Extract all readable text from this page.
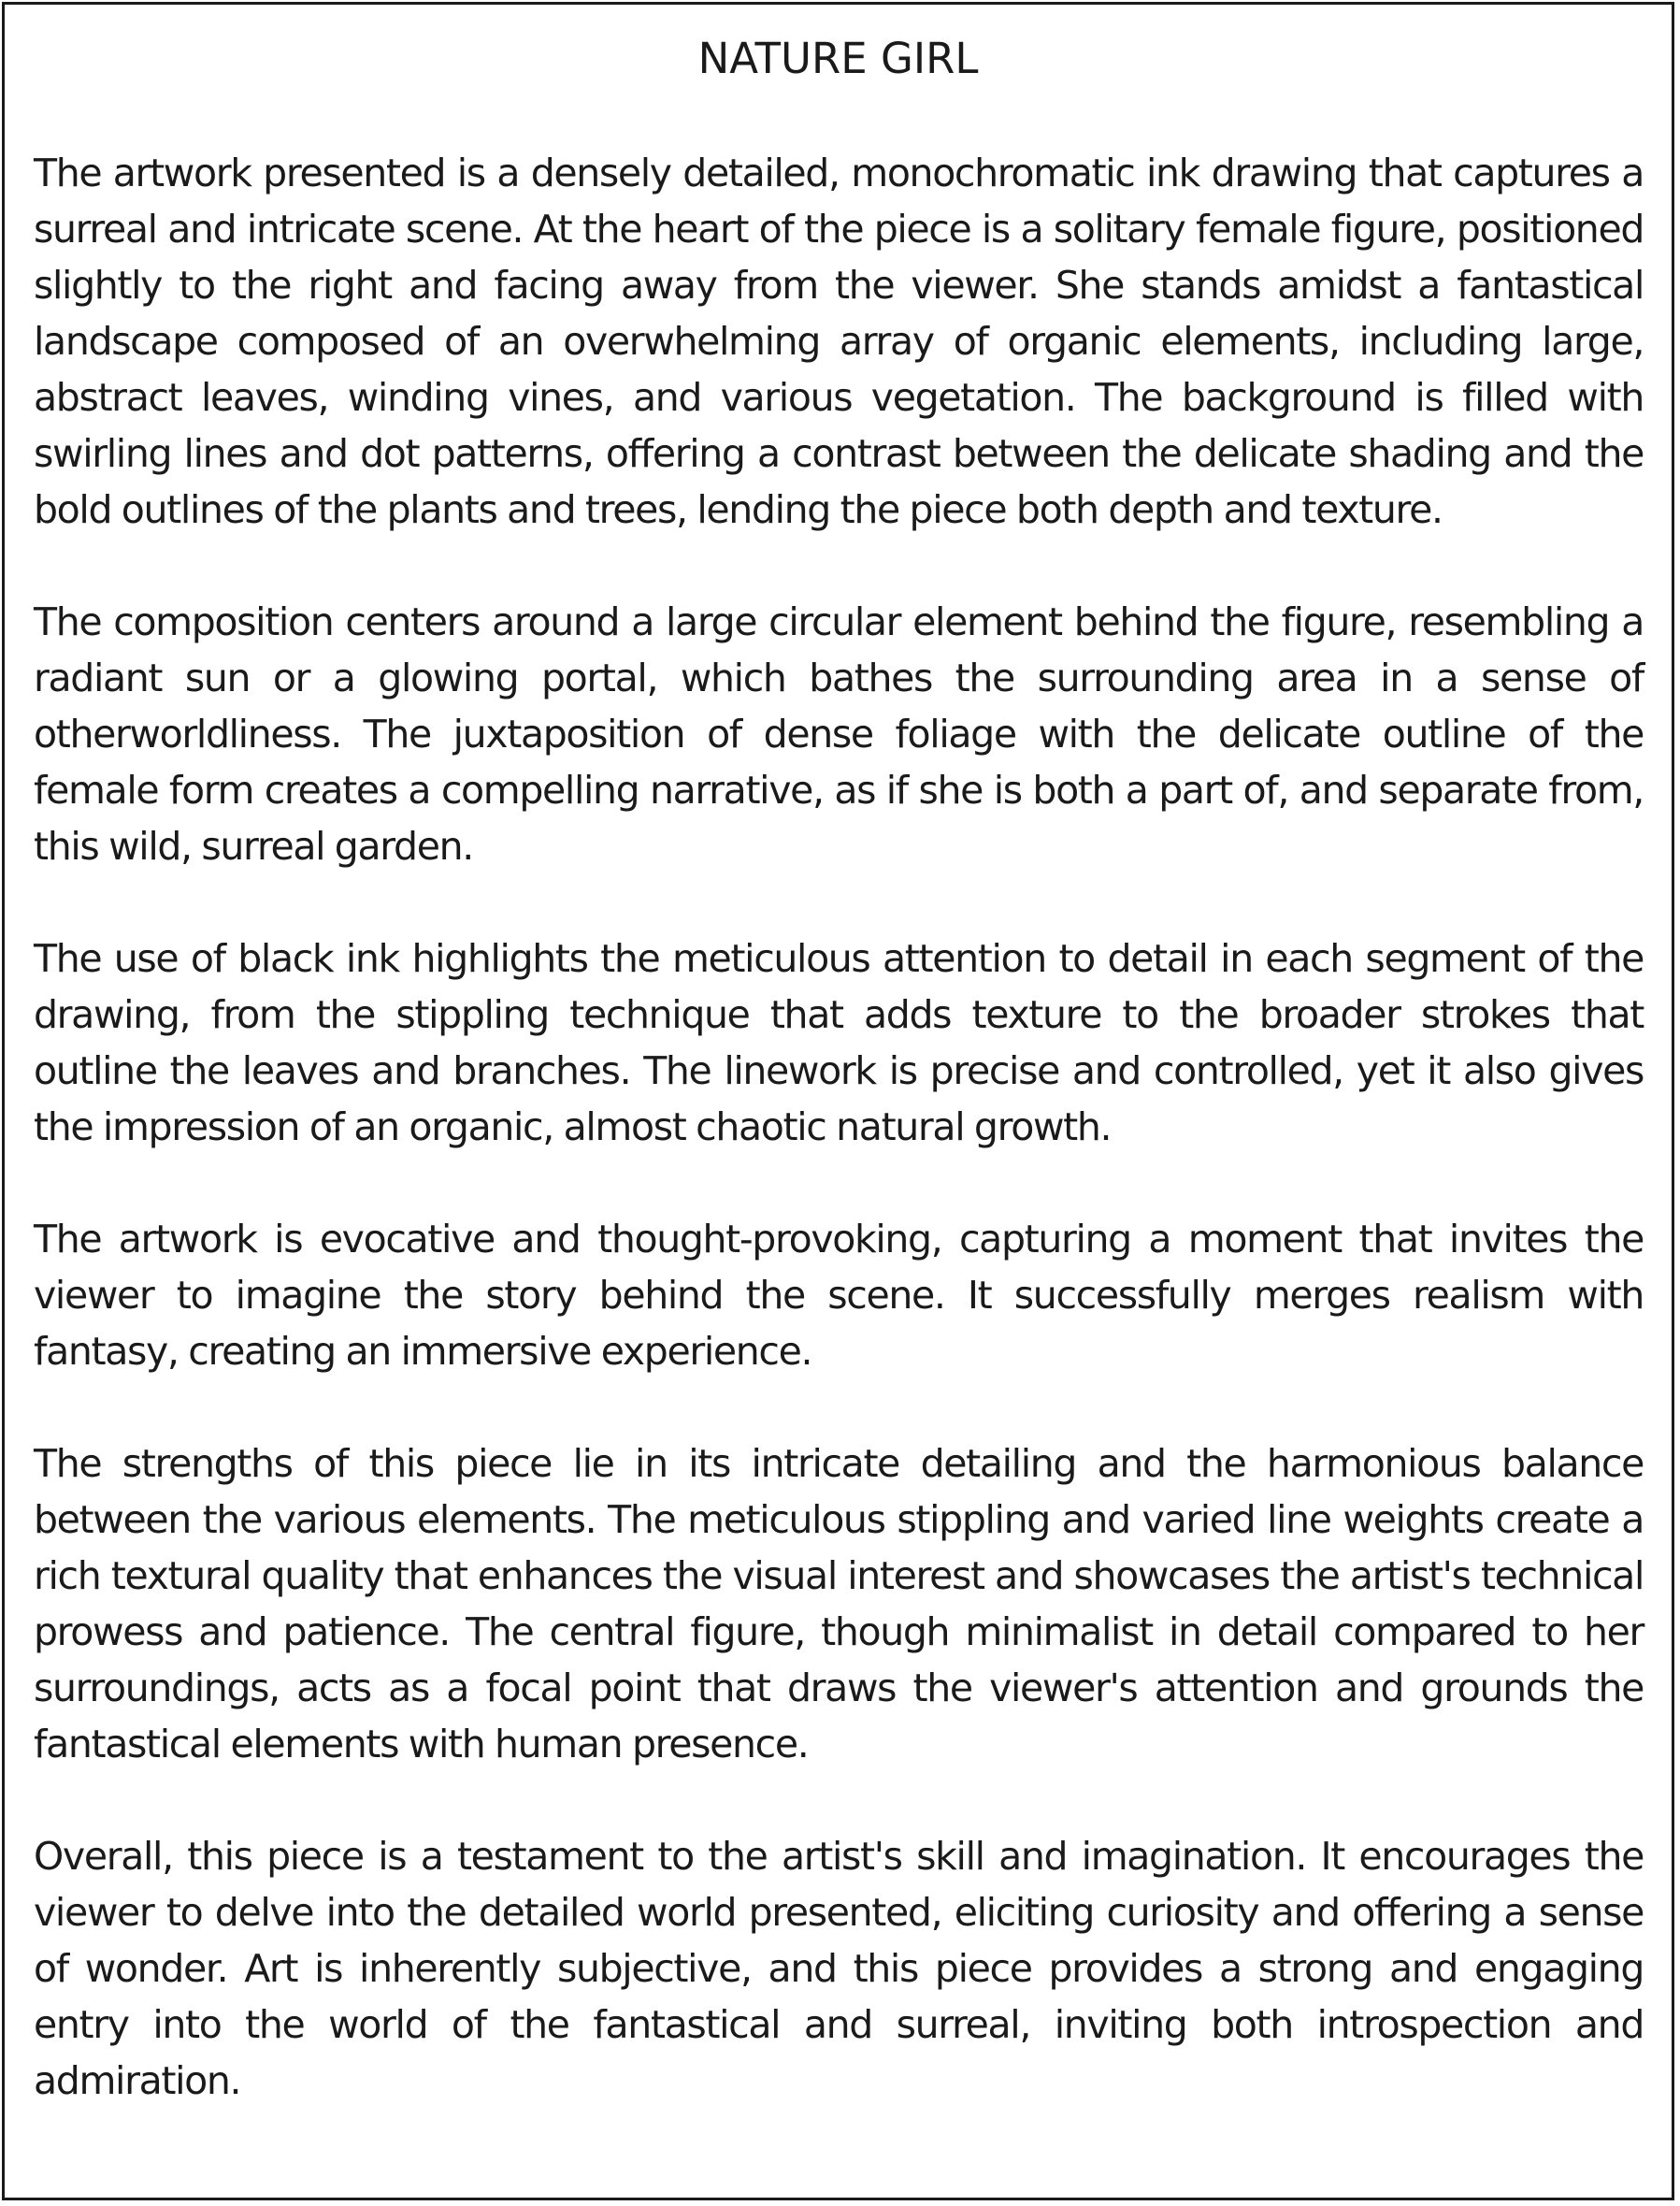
NATURE GIRL

The artwork presented is a densely detailed, monochromatic ink drawing that captures a surreal and intricate scene. At the heart of the piece is a solitary female figure, positioned slightly to the right and facing away from the viewer. She stands amidst a fantastical landscape composed of an overwhelming array of organic elements, including large, abstract leaves, winding vines, and various vegetation. The background is filled with swirling lines and dot patterns, offering a contrast between the delicate shading and the bold outlines of the plants and trees, lending the piece both depth and texture.

The composition centers around a large circular element behind the figure, resembling a radiant sun or a glowing portal, which bathes the surrounding area in a sense of otherworldliness. The juxtaposition of dense foliage with the delicate outline of the female form creates a compelling narrative, as if she is both a part of, and separate from, this wild, surreal garden.

The use of black ink highlights the meticulous attention to detail in each segment of the drawing, from the stippling technique that adds texture to the broader strokes that outline the leaves and branches. The linework is precise and controlled, yet it also gives the impression of an organic, almost chaotic natural growth.

The artwork is evocative and thought-provoking, capturing a moment that invites the viewer to imagine the story behind the scene. It successfully merges realism with fantasy, creating an immersive experience.

The strengths of this piece lie in its intricate detailing and the harmonious balance between the various elements. The meticulous stippling and varied line weights create a rich textural quality that enhances the visual interest and showcases the artist's technical prowess and patience. The central figure, though minimalist in detail compared to her surroundings, acts as a focal point that draws the viewer's attention and grounds the fantastical elements with human presence.

Overall, this piece is a testament to the artist's skill and imagination. It encourages the viewer to delve into the detailed world presented, eliciting curiosity and offering a sense of wonder. Art is inherently subjective, and this piece provides a strong and engaging entry into the world of the fantastical and surreal, inviting both introspection and admiration.
